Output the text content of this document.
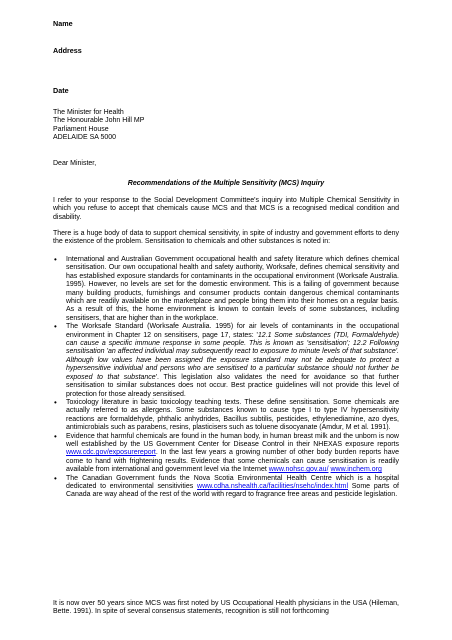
Name
Address
Date
The Minister for Health
The Honourable John Hill MP
Parliament House
ADELAIDE SA 5000
Dear Minister,
Recommendations of the Multiple Sensitivity (MCS) Inquiry
I refer to your response to the Social Development Committee's inquiry into Multiple Chemical Sensitivity in which you refuse to accept that chemicals cause MCS and that MCS is a recognised medical condition and disability.
There is a huge body of data to support chemical sensitivity, in spite of industry and government efforts to deny the existence of the problem. Sensitisation to chemicals and other substances is noted in:
• International and Australian Government occupational health and safety literature which defines chemical sensitisation. Our own occupational health and safety authority, Worksafe, defines chemical sensitivity and has established exposure standards for contaminants in the occupational environment (Worksafe Australia. 1995). However, no levels are set for the domestic environment. This is a failing of government because many building products, furnishings and consumer products contain dangerous chemical contaminants which are readily available on the marketplace and people bring them into their homes on a regular basis. As a result of this, the home environment is known to contain levels of some substances, including sensitisers, that are higher than in the workplace.
• The Worksafe Standard (Worksafe Australia. 1995) for air levels of contaminants in the occupational environment in Chapter 12 on sensitisers, page 17, states: '12.1 Some substances (TDI, Formaldehyde) can cause a specific immune response in some people. This is known as 'sensitisation'; 12.2 Following sensitisation 'an affected individual may subsequently react to exposure to minute levels of that substance'. Although low values have been assigned the exposure standard may not be adequate to protect a hypersensitive individual and persons who are sensitised to a particular substance should not further be exposed to that substance'. This legislation also validates the need for avoidance so that further sensitisation to similar substances does not occur. Best practice guidelines will not provide this level of protection for those already sensitised.
• Toxicology literature in basic toxicology teaching texts. These define sensitisation. Some chemicals are actually referred to as allergens. Some substances known to cause type I to type IV hypersensitivity reactions are formaldehyde, phthalic anhydrides, Bacillus subtilis, pesticides, ethylenediamine, azo dyes, antimicrobials such as parabens, resins, plasticisers such as toluene disocyanate (Amdur, M et al. 1991).
• Evidence that harmful chemicals are found in the human body, in human breast milk and the unborn is now well established by the US Government Center for Disease Control in their NHEXAS exposure reports www.cdc.gov/exposurereport. In the last few years a growing number of other body burden reports have come to hand with frightening results. Evidence that some chemicals can cause sensitisation is readily available from international and government level via the Internet www.nohsc.gov.au/ www.inchem.org
• The Canadian Government funds the Nova Scotia Environmental Health Centre which is a hospital dedicated to environmental sensitivities www.cdha.nshealth.ca/facilities/nsehc/index.html Some parts of Canada are way ahead of the rest of the world with regard to fragrance free areas and pesticide legislation.
It is now over 50 years since MCS was first noted by US Occupational Health physicians in the USA (Hileman, Bette. 1991). In spite of several consensus statements, recognition is still not forthcoming
